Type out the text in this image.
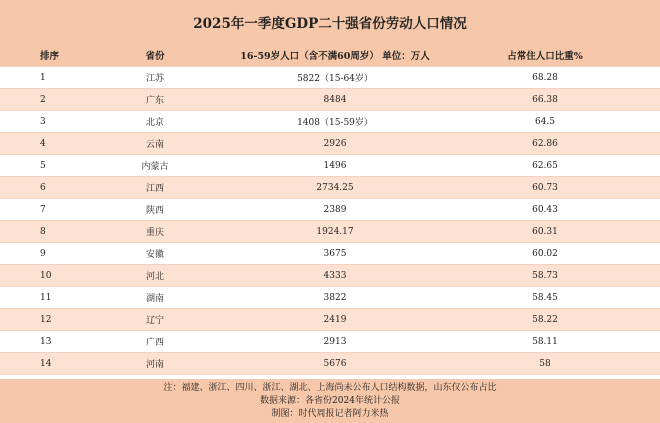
2025年一季度GDP二十强省份劳动人口情况
排序	省份	16-59岁人口（含不满60周岁） 单位：万人	占常住人口比重%
1	江苏	5822（15-64岁）	68.28
2	广东	8484	66.38
3	北京	1408（15-59岁）	64.5
4	云南	2926	62.86
5	内蒙古	1496	62.65
6	江西	2734.25	60.73
7	陕西	2389	60.43
8	重庆	1924.17	60.31
9	安徽	3675	60.02
10	河北	4333	58.73
11	湖南	3822	58.45
12	辽宁	2419	58.22
13	广西	2913	58.11
14	河南	5676	58

注：福建、浙江、四川、浙江、湖北、上海尚未公布人口结构数据，山东仅公布占比
数据来源：各省份2024年统计公报
制图：时代周报记者阿力米热
